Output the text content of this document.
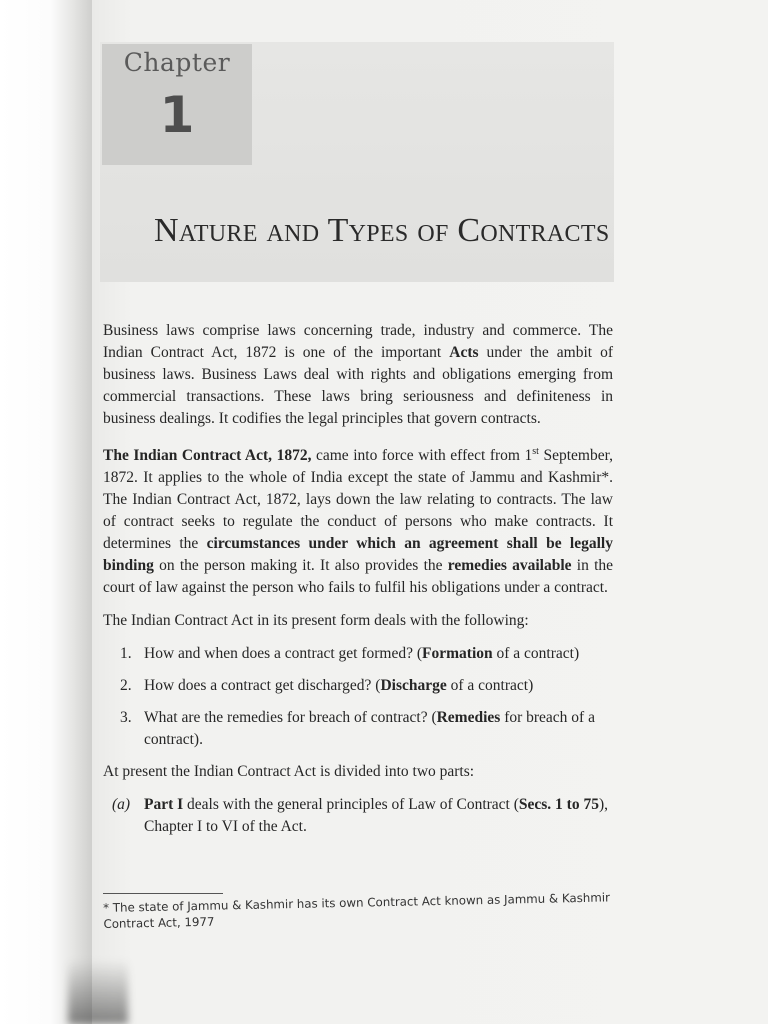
Chapter
1
Nature and Types of Contracts

Business laws comprise laws concerning trade, industry and commerce. The Indian Contract Act, 1872 is one of the important Acts under the ambit of business laws. Business Laws deal with rights and obligations emerging from commercial transactions. These laws bring seriousness and definiteness in business dealings. It codifies the legal principles that govern contracts.

The Indian Contract Act, 1872, came into force with effect from 1st September, 1872. It applies to the whole of India except the state of Jammu and Kashmir*. The Indian Contract Act, 1872, lays down the law relating to contracts. The law of contract seeks to regulate the conduct of persons who make contracts. It determines the circumstances under which an agreement shall be legally binding on the person making it. It also provides the remedies available in the court of law against the person who fails to fulfil his obligations under a contract.

The Indian Contract Act in its present form deals with the following:

1. How and when does a contract get formed? (Formation of a contract)
2. How does a contract get discharged? (Discharge of a contract)
3. What are the remedies for breach of contract? (Remedies for breach of a contract).

At present the Indian Contract Act is divided into two parts:

(a) Part I deals with the general principles of Law of Contract (Secs. 1 to 75), Chapter I to VI of the Act.
* The state of Jammu & Kashmir has its own Contract Act known as Jammu & Kashmir Contract Act, 1977
